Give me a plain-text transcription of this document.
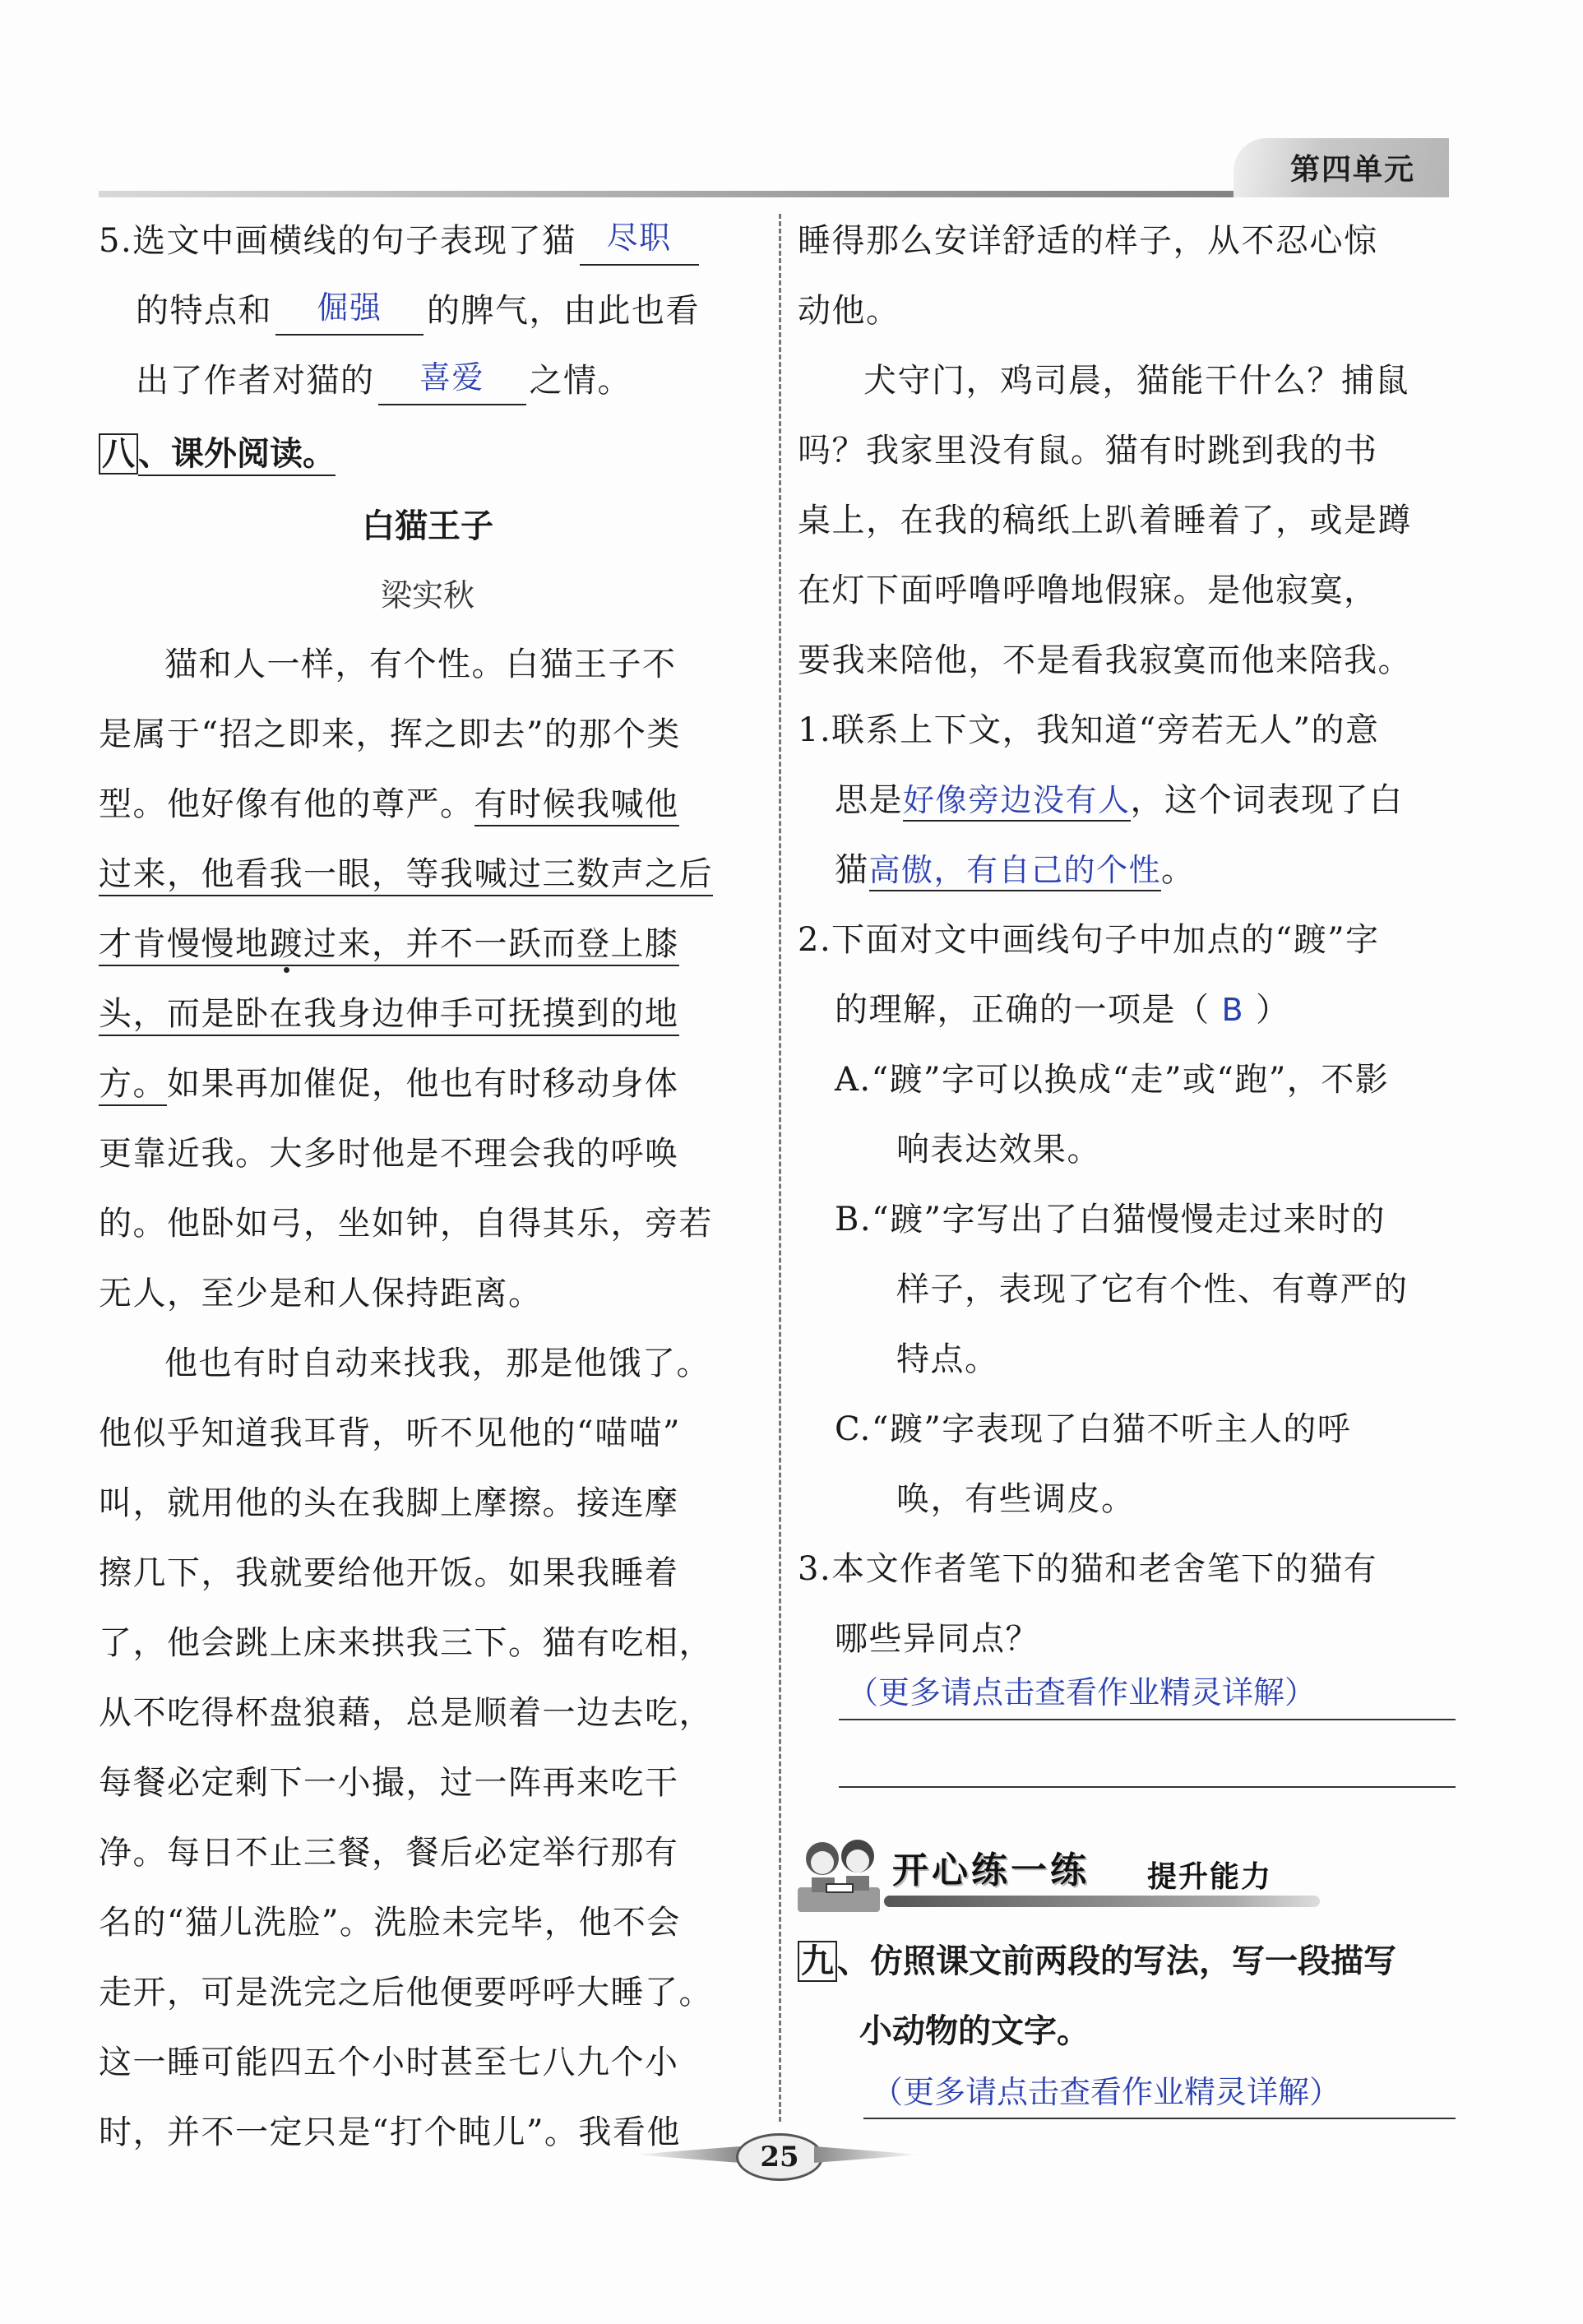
第四单元
5.选文中画横线的句子表现了猫 尽职
的特点和	倔强	的脾气，由此也看
出了作者对猫的	喜爱	之情。
八 、课外阅读。
白猫王子
梁实秋
猫和人一样，有个性。白猫王子不
是属于“招之即来，挥之即去”的那个类
型。他好像有他的尊严。有时候我喊他
过来，他看我一眼，等我喊过三数声之后
才肯慢慢地踱过来，并不一跃而登上膝
头，而是卧在我身边伸手可抚摸到的地
方。如果再加催促，他也有时移动身体
更靠近我。大多时他是不理会我的呼唤
的。他卧如弓，坐如钟，自得其乐，旁若
无人，至少是和人保持距离。
他也有时自动来找我，那是他饿了。
他似乎知道我耳背，听不见他的“喵喵”
叫，就用他的头在我脚上摩擦。接连摩
擦几下，我就要给他开饭。如果我睡着
了，他会跳上床来拱我三下。猫有吃相，
从不吃得杯盘狼藉，总是顺着一边去吃，
每餐必定剩下一小撮，过一阵再来吃干
净。每日不止三餐，餐后必定举行那有
名的“猫儿洗脸”。洗脸未完毕，他不会
走开，可是洗完之后他便要呼呼大睡了。
这一睡可能四五个小时甚至七八九个小
时，并不一定只是“打个盹儿”。我看他
睡得那么安详舒适的样子，从不忍心惊
动他。
犬守门，鸡司晨，猫能干什么？捕鼠
吗？我家里没有鼠。猫有时跳到我的书
桌上，在我的稿纸上趴着睡着了，或是蹲
在灯下面呼噜呼噜地假寐。是他寂寞，
要我来陪他，不是看我寂寞而他来陪我。
1.联系上下文，我知道“旁若无人”的意
思是好像旁边没有人，这个词表现了白
猫高傲，有自己的个性。
2.下面对文中画线句子中加点的“踱”字
的理解，正确的一项是（ B ）
A.“踱”字可以换成“走”或“跑”，不影
响表达效果。
B.“踱”字写出了白猫慢慢走过来时的
样子，表现了它有个性、有尊严的
特点。
C.“踱”字表现了白猫不听主人的呼
唤，有些调皮。
3.本文作者笔下的猫和老舍笔下的猫有
哪些异同点？
（更多请点击查看作业精灵详解）
开心练一练 提升能力
九 、仿照课文前两段的写法，写一段描写
小动物的文字。
（更多请点击查看作业精灵详解）
25
